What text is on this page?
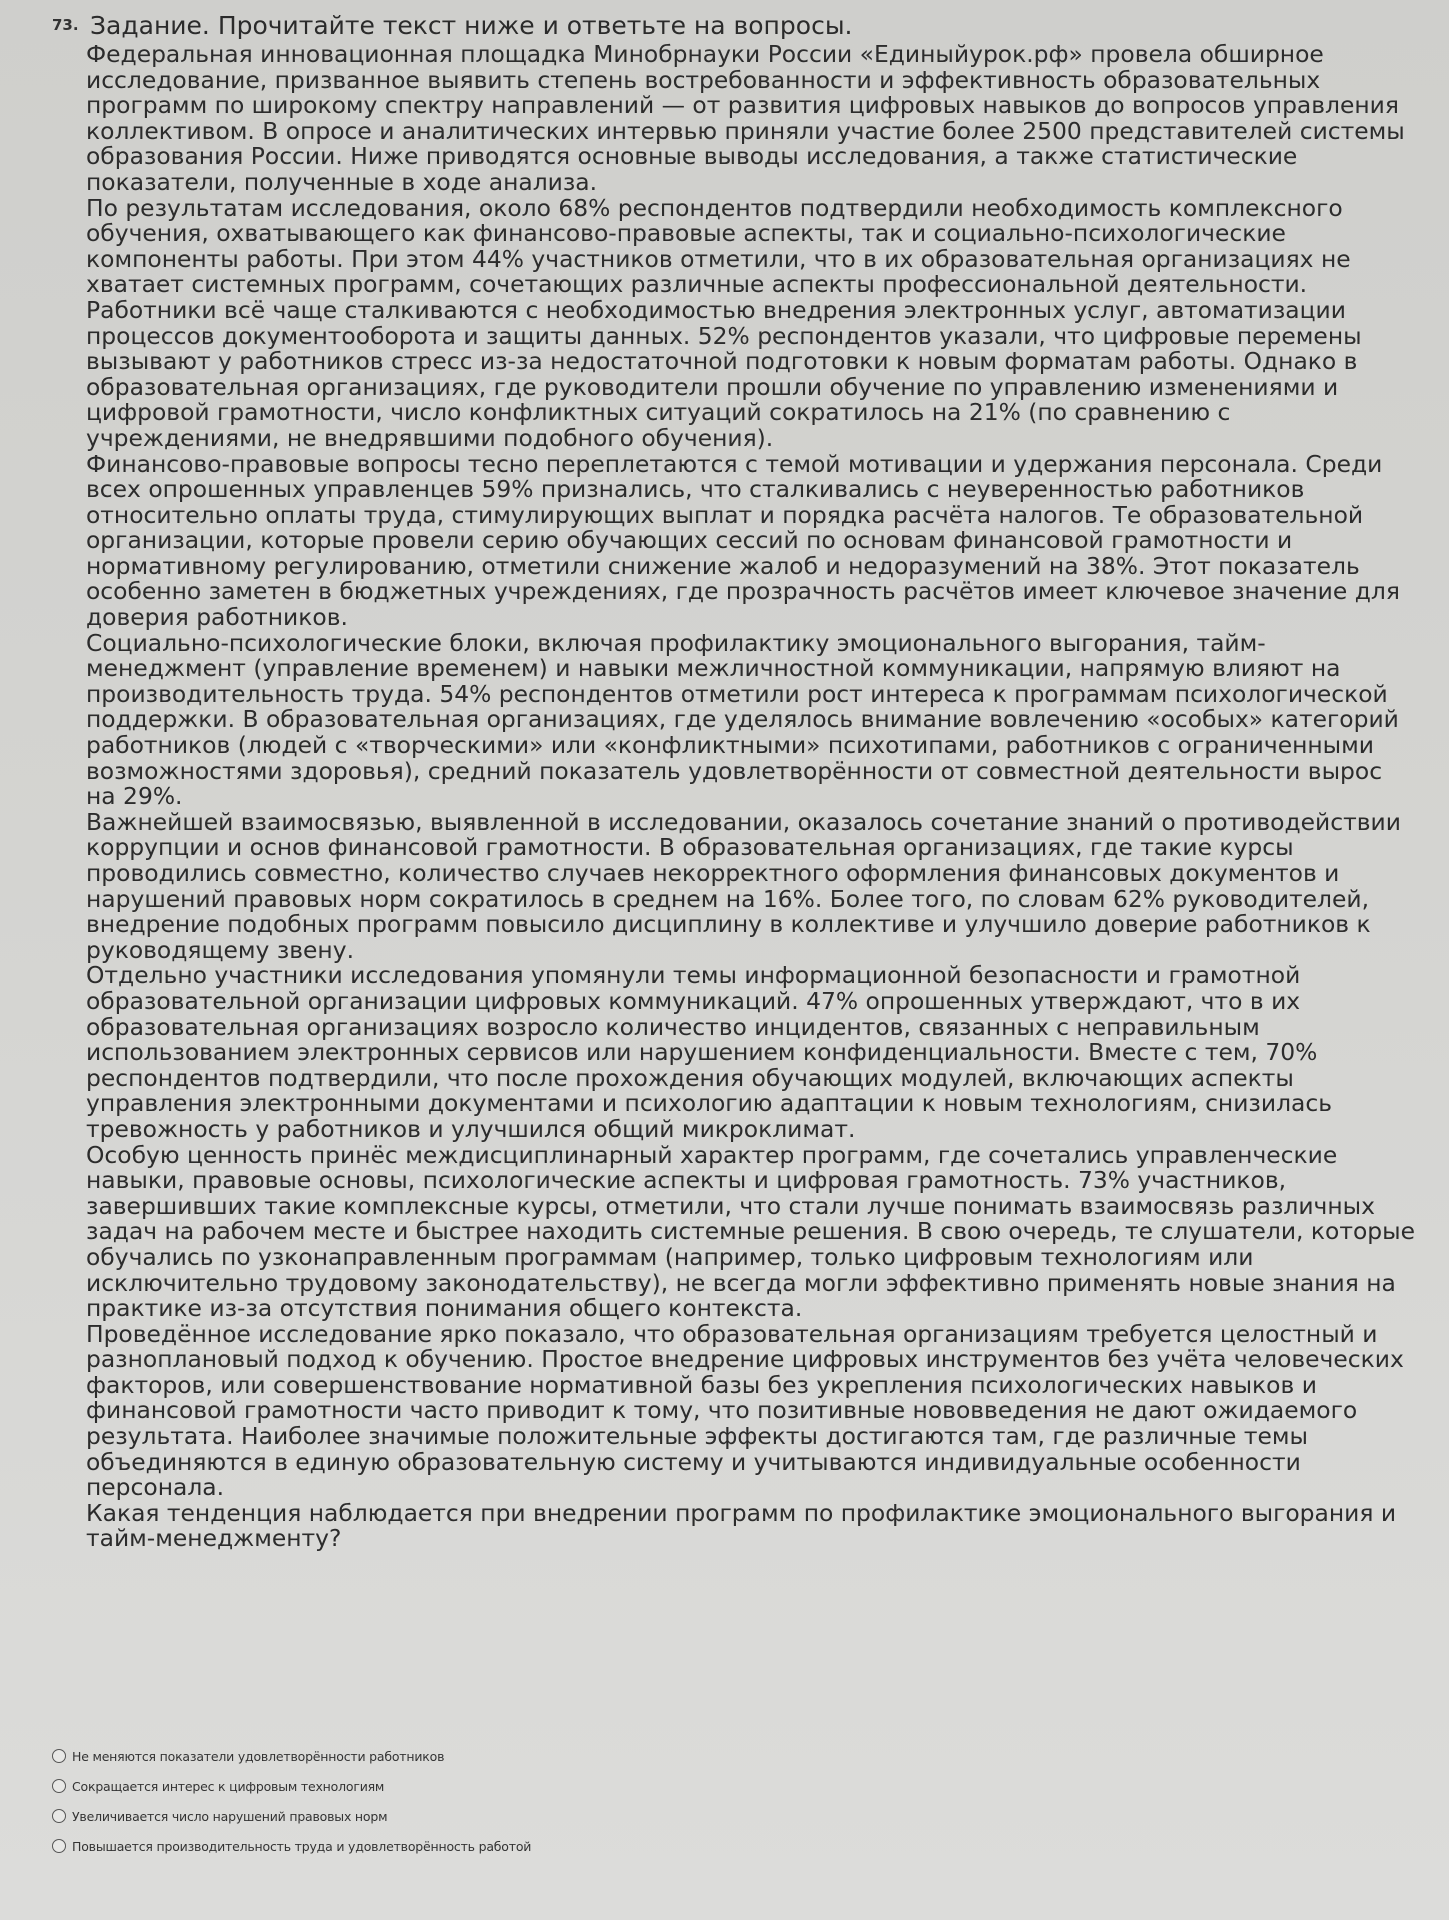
73. Задание. Прочитайте текст ниже и ответьте на вопросы.

Федеральная инновационная площадка Минобрнауки России «Единыйурок.рф» провела обширное исследование, призванное выявить степень востребованности и эффективность образовательных программ по широкому спектру направлений — от развития цифровых навыков до вопросов управления коллективом. В опросе и аналитических интервью приняли участие более 2500 представителей системы образования России. Ниже приводятся основные выводы исследования, а также статистические показатели, полученные в ходе анализа.

По результатам исследования, около 68% респондентов подтвердили необходимость комплексного обучения, охватывающего как финансово-правовые аспекты, так и социально-психологические компоненты работы. При этом 44% участников отметили, что в их образовательная организациях не хватает системных программ, сочетающих различные аспекты профессиональной деятельности.

Работники всё чаще сталкиваются с необходимостью внедрения электронных услуг, автоматизации процессов документооборота и защиты данных. 52% респондентов указали, что цифровые перемены вызывают у работников стресс из-за недостаточной подготовки к новым форматам работы. Однако в образовательная организациях, где руководители прошли обучение по управлению изменениями и цифровой грамотности, число конфликтных ситуаций сократилось на 21% (по сравнению с учреждениями, не внедрявшими подобного обучения).

Финансово-правовые вопросы тесно переплетаются с темой мотивации и удержания персонала. Среди всех опрошенных управленцев 59% признались, что сталкивались с неуверенностью работников относительно оплаты труда, стимулирующих выплат и порядка расчёта налогов. Те образовательной организации, которые провели серию обучающих сессий по основам финансовой грамотности и нормативному регулированию, отметили снижение жалоб и недоразумений на 38%. Этот показатель особенно заметен в бюджетных учреждениях, где прозрачность расчётов имеет ключевое значение для доверия работников.

Социально-психологические блоки, включая профилактику эмоционального выгорания, тайм-менеджмент (управление временем) и навыки межличностной коммуникации, напрямую влияют на производительность труда. 54% респондентов отметили рост интереса к программам психологической поддержки. В образовательная организациях, где уделялось внимание вовлечению «особых» категорий работников (людей с «творческими» или «конфликтными» психотипами, работников с ограниченными возможностями здоровья), средний показатель удовлетворённости от совместной деятельности вырос на 29%.

Важнейшей взаимосвязью, выявленной в исследовании, оказалось сочетание знаний о противодействии коррупции и основ финансовой грамотности. В образовательная организациях, где такие курсы проводились совместно, количество случаев некорректного оформления финансовых документов и нарушений правовых норм сократилось в среднем на 16%. Более того, по словам 62% руководителей, внедрение подобных программ повысило дисциплину в коллективе и улучшило доверие работников к руководящему звену.

Отдельно участники исследования упомянули темы информационной безопасности и грамотной образовательной организации цифровых коммуникаций. 47% опрошенных утверждают, что в их образовательная организациях возросло количество инцидентов, связанных с неправильным использованием электронных сервисов или нарушением конфиденциальности. Вместе с тем, 70% респондентов подтвердили, что после прохождения обучающих модулей, включающих аспекты управления электронными документами и психологию адаптации к новым технологиям, снизилась тревожность у работников и улучшился общий микроклимат.

Особую ценность принёс междисциплинарный характер программ, где сочетались управленческие навыки, правовые основы, психологические аспекты и цифровая грамотность. 73% участников, завершивших такие комплексные курсы, отметили, что стали лучше понимать взаимосвязь различных задач на рабочем месте и быстрее находить системные решения. В свою очередь, те слушатели, которые обучались по узконаправленным программам (например, только цифровым технологиям или исключительно трудовому законодательству), не всегда могли эффективно применять новые знания на практике из-за отсутствия понимания общего контекста.

Проведённое исследование ярко показало, что образовательная организациям требуется целостный и разноплановый подход к обучению. Простое внедрение цифровых инструментов без учёта человеческих факторов, или совершенствование нормативной базы без укрепления психологических навыков и финансовой грамотности часто приводит к тому, что позитивные нововведения не дают ожидаемого результата. Наиболее значимые положительные эффекты достигаются там, где различные темы объединяются в единую образовательную систему и учитываются индивидуальные особенности персонала.

Какая тенденция наблюдается при внедрении программ по профилактике эмоционального выгорания и тайм-менеджменту?

Не меняются показатели удовлетворённости работников
Сокращается интерес к цифровым технологиям
Увеличивается число нарушений правовых норм
Повышается производительность труда и удовлетворённость работой
